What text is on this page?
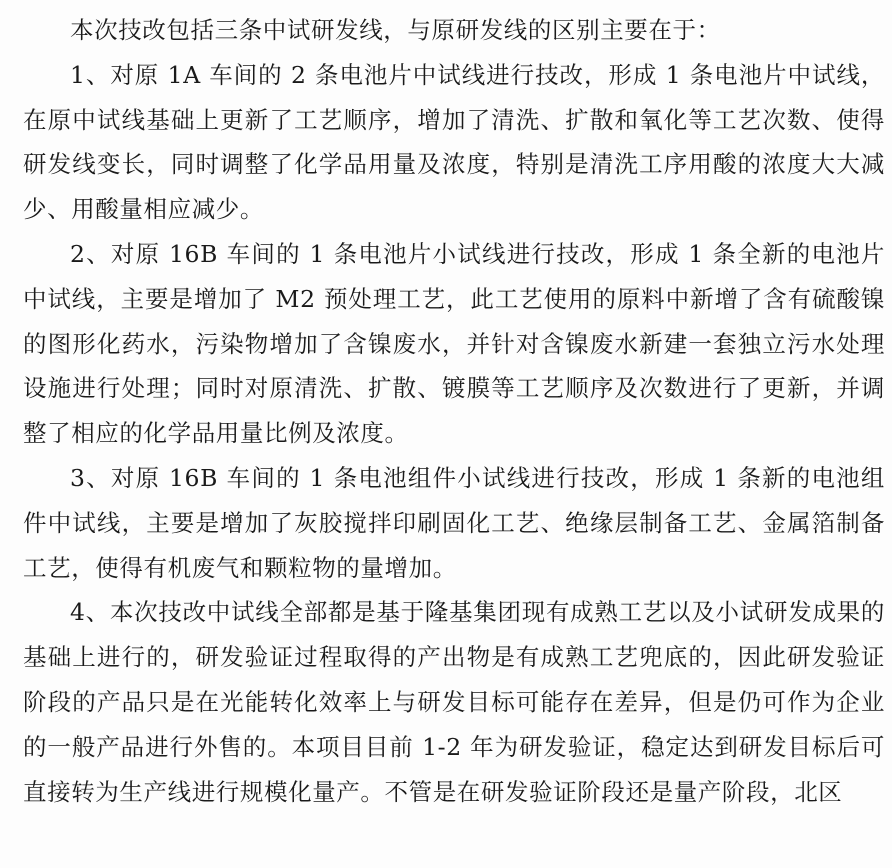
本次技改包括三条中试研发线，与原研发线的区别主要在于：

1、对原 1A 车间的 2 条电池片中试线进行技改，形成 1 条电池片中试线，在原中试线基础上更新了工艺顺序，增加了清洗、扩散和氧化等工艺次数、使得研发线变长，同时调整了化学品用量及浓度，特别是清洗工序用酸的浓度大大减少、用酸量相应减少。

2、对原 16B 车间的 1 条电池片小试线进行技改，形成 1 条全新的电池片中试线，主要是增加了 M2 预处理工艺，此工艺使用的原料中新增了含有硫酸镍的图形化药水，污染物增加了含镍废水，并针对含镍废水新建一套独立污水处理设施进行处理；同时对原清洗、扩散、镀膜等工艺顺序及次数进行了更新，并调整了相应的化学品用量比例及浓度。

3、对原 16B 车间的 1 条电池组件小试线进行技改，形成 1 条新的电池组件中试线，主要是增加了灰胶搅拌印刷固化工艺、绝缘层制备工艺、金属箔制备工艺，使得有机废气和颗粒物的量增加。

4、本次技改中试线全部都是基于隆基集团现有成熟工艺以及小试研发成果的基础上进行的，研发验证过程取得的产出物是有成熟工艺兜底的，因此研发验证阶段的产品只是在光能转化效率上与研发目标可能存在差异，但是仍可作为企业的一般产品进行外售的。本项目目前 1-2 年为研发验证，稳定达到研发目标后可直接转为生产线进行规模化量产。不管是在研发验证阶段还是量产阶段，北区
